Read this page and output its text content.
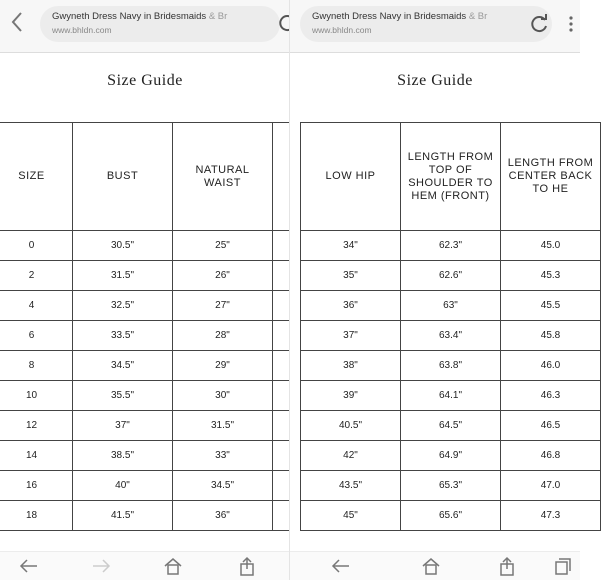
Gwyneth Dress Navy in Bridesmaids & Br
www.bhldn.com
Size Guide
SIZE	BUST	NATURAL WAIST	
0	30.5"	25"	
2	31.5"	26"	
4	32.5"	27"	
6	33.5"	28"	
8	34.5"	29"	
10	35.5"	30"	
12	37"	31.5"	
14	38.5"	33"	
16	40"	34.5"	
18	41.5"	36"	
Gwyneth Dress Navy in Bridesmaids & Br
www.bhldn.com
Size Guide
LOW HIP	LENGTH FROM TOP OF SHOULDER TO HEM (FRONT)	LENGTH FROM CENTER BACK TO HE
34"	62.3"	45.0
35"	62.6"	45.3
36"	63"	45.5
37"	63.4"	45.8
38"	63.8"	46.0
39"	64.1"	46.3
40.5"	64.5"	46.5
42"	64.9"	46.8
43.5"	65.3"	47.0
45"	65.6"	47.3
